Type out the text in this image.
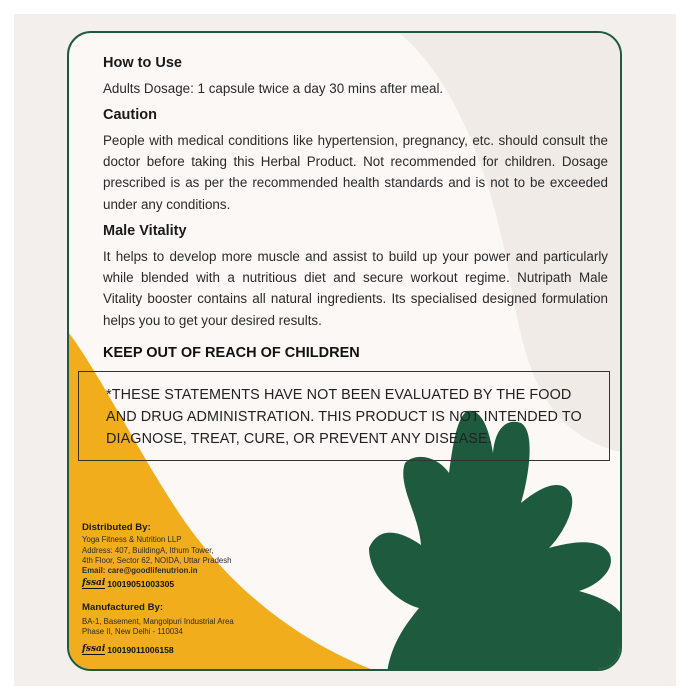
How to Use

Adults Dosage: 1 capsule twice a day 30 mins after meal.

Caution

People with medical conditions like hypertension, pregnancy, etc. should consult the doctor before taking this Herbal Product. Not recommended for children. Dosage prescribed is as per the recommended health standards and is not to be exceeded under any conditions.

Male Vitality

It helps to develop more muscle and assist to build up your power and particularly while blended with a nutritious diet and secure workout regime. Nutripath Male Vitality booster contains all natural ingredients. Its specialised designed formulation helps you to get your desired results.

KEEP OUT OF REACH OF CHILDREN
*THESE STATEMENTS HAVE NOT BEEN EVALUATED BY THE FOOD AND DRUG ADMINISTRATION. THIS PRODUCT IS NOT INTENDED TO DIAGNOSE, TREAT, CURE, OR PREVENT ANY DISEASE.
Distributed By:
Yoga Fitness & Nutrition LLP
Address: 407, BuildingA, Ithum Tower,
4th Floor, Sector 62, NOIDA, Uttar Pradesh
Email: care@goodlifenutrion.in
fssai 10019051003305
Manufactured By:
BA-1, Basement, Mangolpuri Industrial Area
Phase II, New Delhi - 110034
fssai 10019011006158
